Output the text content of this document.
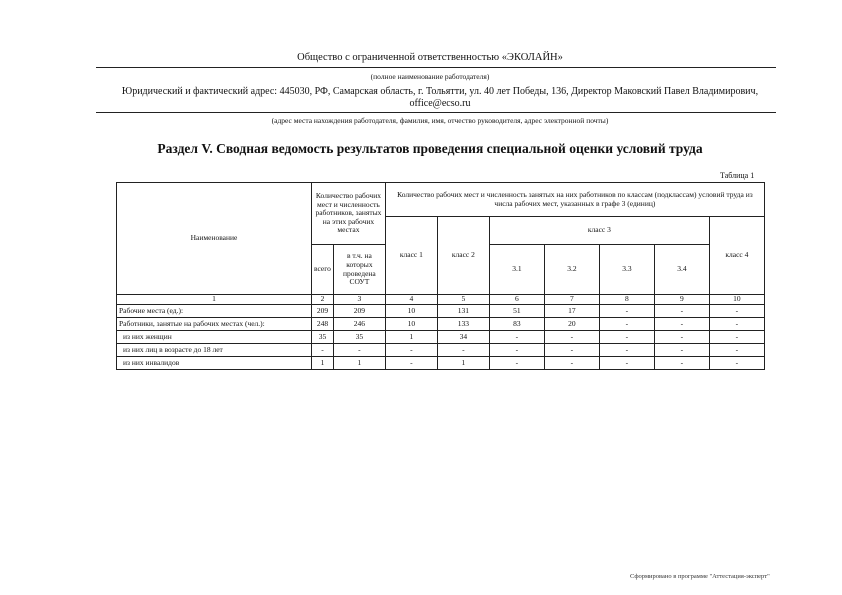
Общество с ограниченной ответственностью «ЭКОЛАЙН»
(полное наименование работодателя)
Юридический и фактический адрес: 445030, РФ, Самарская область, г. Тольятти, ул. 40 лет Победы, 136, Директор Маковский Павел Владимирович,
office@ecso.ru
(адрес места нахождения работодателя, фамилия, имя, отчество руководителя, адрес электронной почты)
Раздел V. Сводная ведомость результатов проведения специальной оценки условий труда
Таблица 1
Наименование	Количество рабочих мест и численность работников, занятых на этих рабочих местах		Количество рабочих мест и численность занятых на них работников по классам (подклассам) условий труда из числа рабочих мест, указанных в графе 3 (единиц)						
			класс 1	класс 2	класс 3				класс 4
	всего	в т.ч. на которых проведена СОУТ			3.1	3.2	3.3	3.4	
1	2	3	4	5	6	7	8	9	10
Рабочие места (ед.):	209	209	10	131	51	17	-	-	-
Работники, занятые на рабочих местах (чел.):	248	246	10	133	83	20	-	-	-
из них женщин	35	35	1	34	-	-	-	-	-
из них лиц в возрасте до 18 лет	-	-	-	-	-	-	-	-	-
из них инвалидов	1	1	-	1	-	-	-	-	-
Сформировано в программе "Аттестация-эксперт"
